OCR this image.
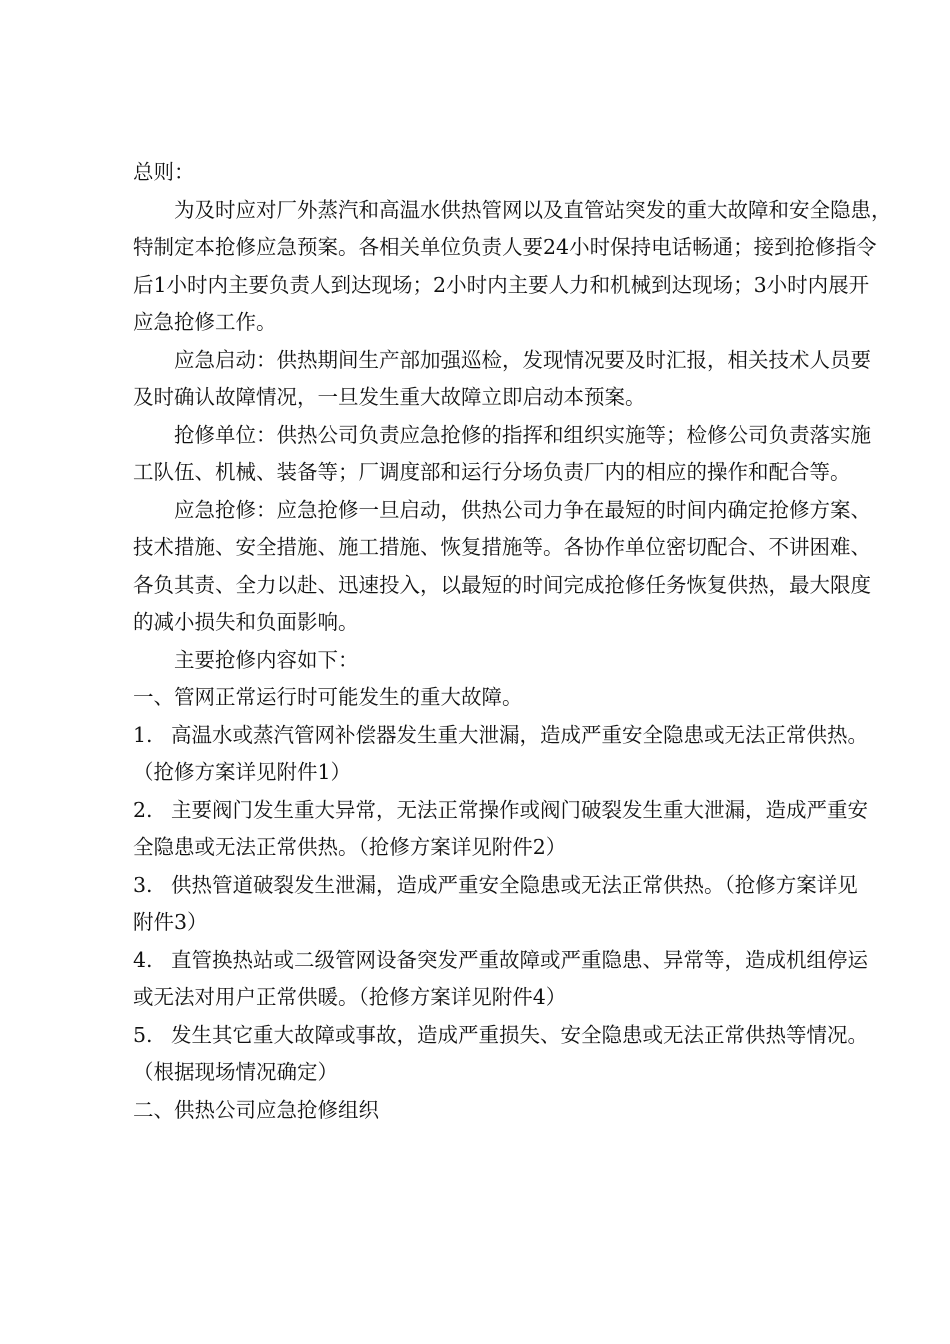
总则：
为及时应对厂外蒸汽和高温水供热管网以及直管站突发的重大故障和安全隐患，
特制定本抢修应急预案。各相关单位负责人要24小时保持电话畅通；接到抢修指令
后1小时内主要负责人到达现场；2小时内主要人力和机械到达现场；3小时内展开
应急抢修工作。
应急启动：供热期间生产部加强巡检，发现情况要及时汇报，相关技术人员要
及时确认故障情况，一旦发生重大故障立即启动本预案。
抢修单位：供热公司负责应急抢修的指挥和组织实施等；检修公司负责落实施
工队伍、机械、装备等；厂调度部和运行分场负责厂内的相应的操作和配合等。
应急抢修：应急抢修一旦启动，供热公司力争在最短的时间内确定抢修方案、
技术措施、安全措施、施工措施、恢复措施等。各协作单位密切配合、不讲困难、
各负其责、全力以赴、迅速投入，以最短的时间完成抢修任务恢复供热，最大限度
的减小损失和负面影响。
主要抢修内容如下：
一、管网正常运行时可能发生的重大故障。
1. 高温水或蒸汽管网补偿器发生重大泄漏，造成严重安全隐患或无法正常供热。
（抢修方案详见附件1）
2. 主要阀门发生重大异常，无法正常操作或阀门破裂发生重大泄漏，造成严重安
全隐患或无法正常供热。（抢修方案详见附件2）
3. 供热管道破裂发生泄漏，造成严重安全隐患或无法正常供热。（抢修方案详见
附件3）
4. 直管换热站或二级管网设备突发严重故障或严重隐患、异常等，造成机组停运
或无法对用户正常供暖。（抢修方案详见附件4）
5. 发生其它重大故障或事故，造成严重损失、安全隐患或无法正常供热等情况。
（根据现场情况确定）
二、供热公司应急抢修组织
